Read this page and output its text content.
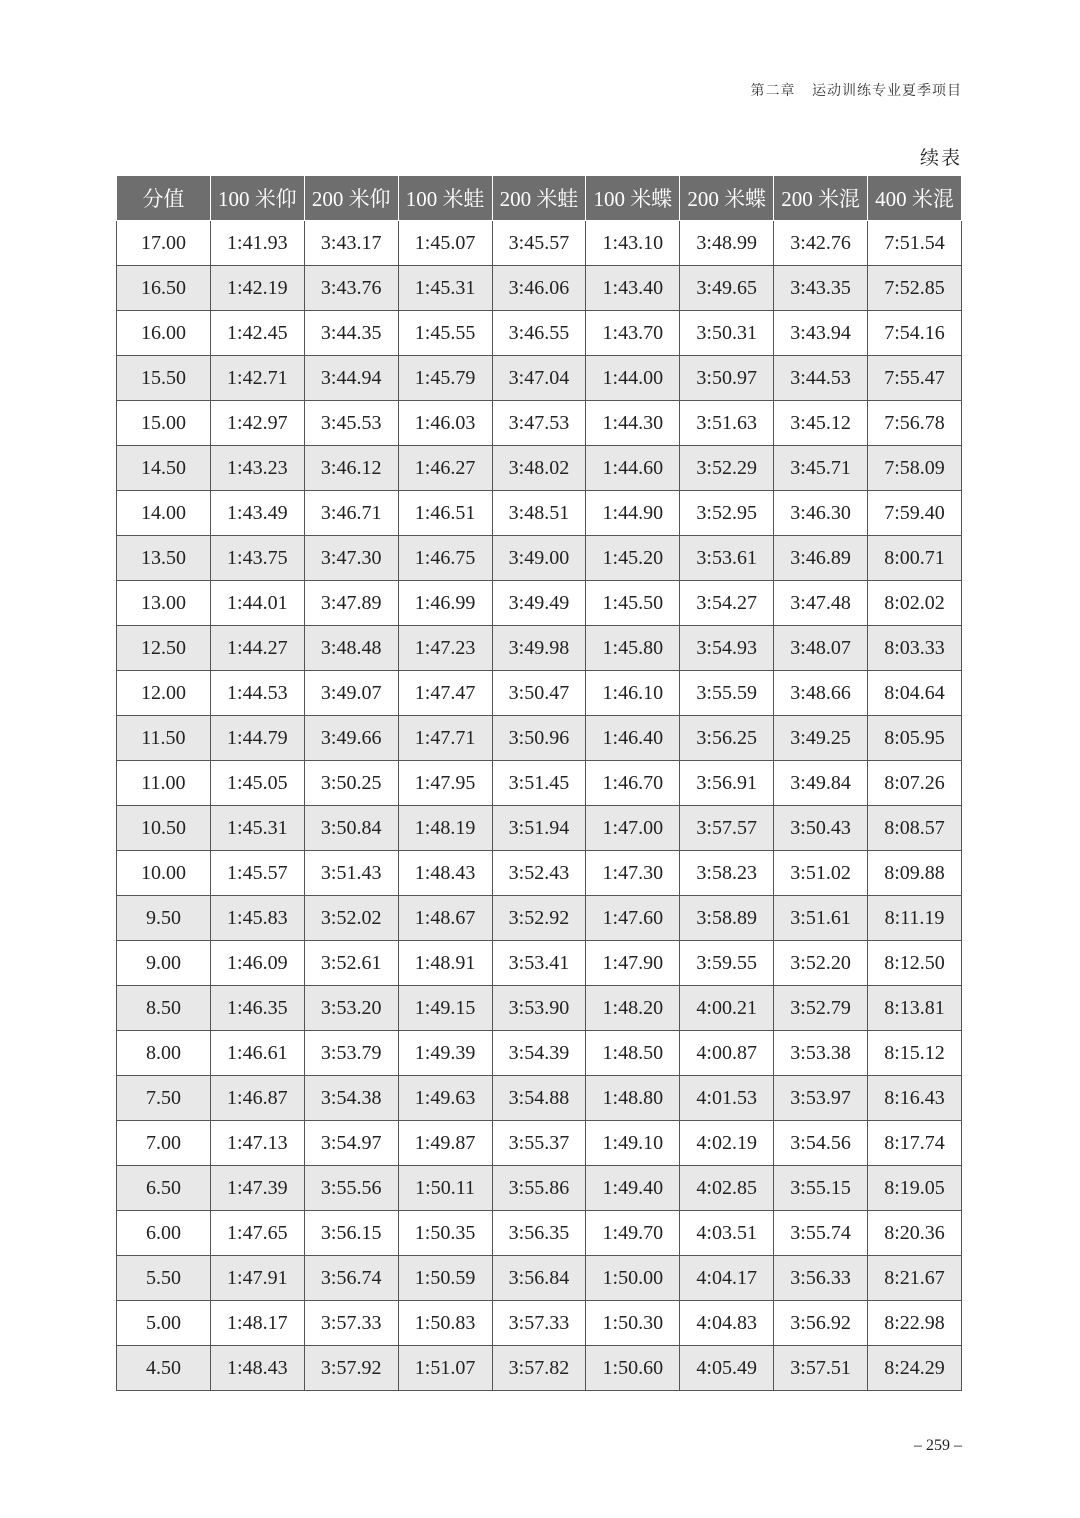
第二章 运动训练专业夏季项目
续表
分值	100 米仰	200 米仰	100 米蛙	200 米蛙	100 米蝶	200 米蝶	200 米混	400 米混
17.00	1:41.93	3:43.17	1:45.07	3:45.57	1:43.10	3:48.99	3:42.76	7:51.54
16.50	1:42.19	3:43.76	1:45.31	3:46.06	1:43.40	3:49.65	3:43.35	7:52.85
16.00	1:42.45	3:44.35	1:45.55	3:46.55	1:43.70	3:50.31	3:43.94	7:54.16
15.50	1:42.71	3:44.94	1:45.79	3:47.04	1:44.00	3:50.97	3:44.53	7:55.47
15.00	1:42.97	3:45.53	1:46.03	3:47.53	1:44.30	3:51.63	3:45.12	7:56.78
14.50	1:43.23	3:46.12	1:46.27	3:48.02	1:44.60	3:52.29	3:45.71	7:58.09
14.00	1:43.49	3:46.71	1:46.51	3:48.51	1:44.90	3:52.95	3:46.30	7:59.40
13.50	1:43.75	3:47.30	1:46.75	3:49.00	1:45.20	3:53.61	3:46.89	8:00.71
13.00	1:44.01	3:47.89	1:46.99	3:49.49	1:45.50	3:54.27	3:47.48	8:02.02
12.50	1:44.27	3:48.48	1:47.23	3:49.98	1:45.80	3:54.93	3:48.07	8:03.33
12.00	1:44.53	3:49.07	1:47.47	3:50.47	1:46.10	3:55.59	3:48.66	8:04.64
11.50	1:44.79	3:49.66	1:47.71	3:50.96	1:46.40	3:56.25	3:49.25	8:05.95
11.00	1:45.05	3:50.25	1:47.95	3:51.45	1:46.70	3:56.91	3:49.84	8:07.26
10.50	1:45.31	3:50.84	1:48.19	3:51.94	1:47.00	3:57.57	3:50.43	8:08.57
10.00	1:45.57	3:51.43	1:48.43	3:52.43	1:47.30	3:58.23	3:51.02	8:09.88
9.50	1:45.83	3:52.02	1:48.67	3:52.92	1:47.60	3:58.89	3:51.61	8:11.19
9.00	1:46.09	3:52.61	1:48.91	3:53.41	1:47.90	3:59.55	3:52.20	8:12.50
8.50	1:46.35	3:53.20	1:49.15	3:53.90	1:48.20	4:00.21	3:52.79	8:13.81
8.00	1:46.61	3:53.79	1:49.39	3:54.39	1:48.50	4:00.87	3:53.38	8:15.12
7.50	1:46.87	3:54.38	1:49.63	3:54.88	1:48.80	4:01.53	3:53.97	8:16.43
7.00	1:47.13	3:54.97	1:49.87	3:55.37	1:49.10	4:02.19	3:54.56	8:17.74
6.50	1:47.39	3:55.56	1:50.11	3:55.86	1:49.40	4:02.85	3:55.15	8:19.05
6.00	1:47.65	3:56.15	1:50.35	3:56.35	1:49.70	4:03.51	3:55.74	8:20.36
5.50	1:47.91	3:56.74	1:50.59	3:56.84	1:50.00	4:04.17	3:56.33	8:21.67
5.00	1:48.17	3:57.33	1:50.83	3:57.33	1:50.30	4:04.83	3:56.92	8:22.98
4.50	1:48.43	3:57.92	1:51.07	3:57.82	1:50.60	4:05.49	3:57.51	8:24.29
– 259 –
